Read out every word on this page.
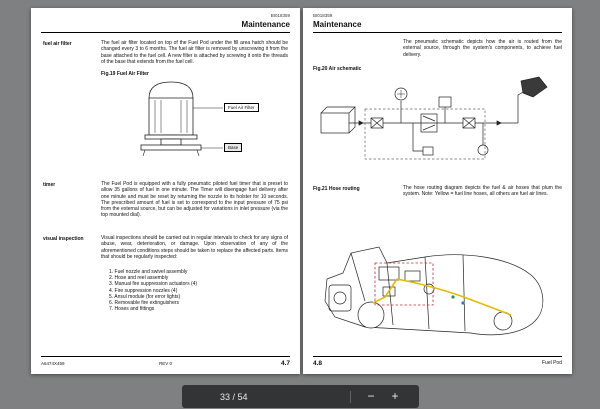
BI018359
Maintenance
fuel air filter	The fuel air filter located on top of the Fuel Pod under the fill area hatch should be changed every 3 to 6 months. The fuel air filter is removed by unscrewing it from the base attached to the fuel cell. A new filter is attached by screwing it onto the threads of the base that extends from the fuel cell.
Fig.19 Fuel Air Filter
Fuel Air Filter
Base
timer	The Fuel Pod is equipped with a fully pneumatic piloted fuel timer that is preset to allow 35 gallons of fuel in one minute. The Timer will disengage fuel delivery after one minute and must be reset by returning the nozzle to its holster for 10 seconds. The prescribed amount of fuel is set to correspond to the input pressure of 75 psi from the external source, but can be adjusted for variations in inlet pressure (via the top mounted dial).
visual inspection	Visual inspections should be carried out in regular intervals to check for any signs of abuse, wear, deterioration, or damage. Upon observation of any of the aforementioned conditions steps should be taken to replace the affected parts. Items that should be regularly inspected:
1. Fuel nozzle and swivel assembly
2. Hose and reel assembly
3. Manual fire suppression actuators (4)
4. Fire suppression nozzles (4)
5. Ansul module (for error lights)
6. Removable fire extinguishers
7. Hoses and fittings
A6474X459	REV 0	4.7
BI018359
Maintenance
The pneumatic schematic depicts how the air is routed from the external source, through the system's components, to achieve fuel delivery.
Fig.20 Air schematic
Fig.21 Hose routing	The hose routing diagram depicts the fuel & air hoses that plum the system. Note: Yellow = fuel line hoses, all others are fuel air lines.
4.8	Fuel Pod
33 / 54	−	+
